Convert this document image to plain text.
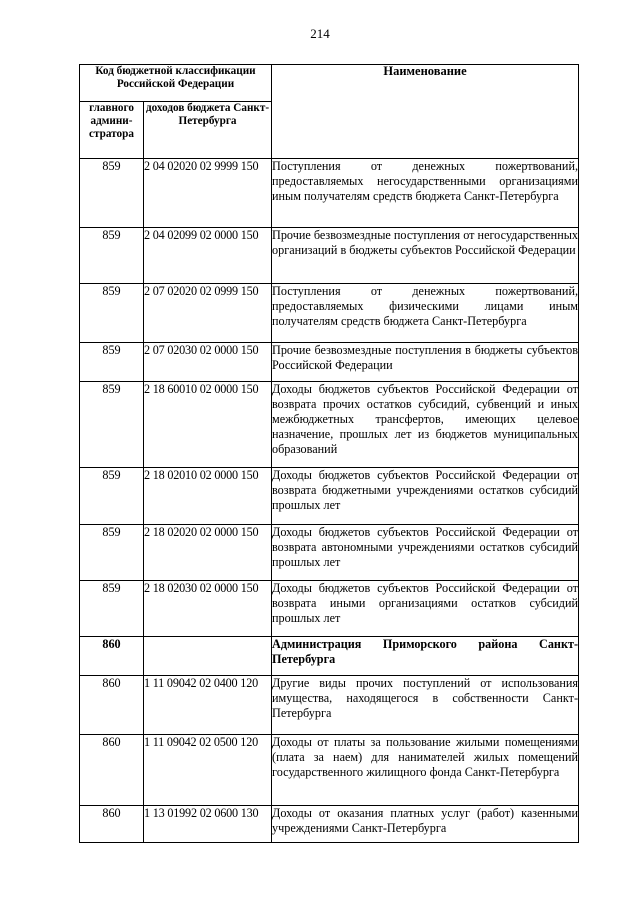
214
Код бюджетной классификации Российской Федерации		Наименование
главного админи-стратора	доходов бюджета Санкт-Петербурга	
859	2 04 02020 02 9999 150	Поступления от денежных пожертвований, предоставляемых негосударственными организациями иным получателям средств бюджета Санкт-Петербурга
859	2 04 02099 02 0000 150	Прочие безвозмездные поступления от негосударственных организаций в бюджеты субъектов Российской Федерации
859	2 07 02020 02 0999 150	Поступления от денежных пожертвований, предоставляемых физическими лицами иным получателям средств бюджета Санкт-Петербурга
859	2 07 02030 02 0000 150	Прочие безвозмездные поступления в бюджеты субъектов Российской Федерации
859	2 18 60010 02 0000 150	Доходы бюджетов субъектов Российской Федерации от возврата прочих остатков субсидий, субвенций и иных межбюджетных трансфертов, имеющих целевое назначение, прошлых лет из бюджетов муниципальных образований
859	2 18 02010 02 0000 150	Доходы бюджетов субъектов Российской Федерации от возврата бюджетными учреждениями остатков субсидий прошлых лет
859	2 18 02020 02 0000 150	Доходы бюджетов субъектов Российской Федерации от возврата автономными учреждениями остатков субсидий прошлых лет
859	2 18 02030 02 0000 150	Доходы бюджетов субъектов Российской Федерации от возврата иными организациями остатков субсидий прошлых лет
860		Администрация Приморского района Санкт-Петербурга
860	1 11 09042 02 0400 120	Другие виды прочих поступлений от использования имущества, находящегося в собственности Санкт-Петербурга
860	1 11 09042 02 0500 120	Доходы от платы за пользование жилыми помещениями (плата за наем) для нанимателей жилых помещений государственного жилищного фонда Санкт-Петербурга
860	1 13 01992 02 0600 130	Доходы от оказания платных услуг (работ) казенными учреждениями Санкт-Петербурга
